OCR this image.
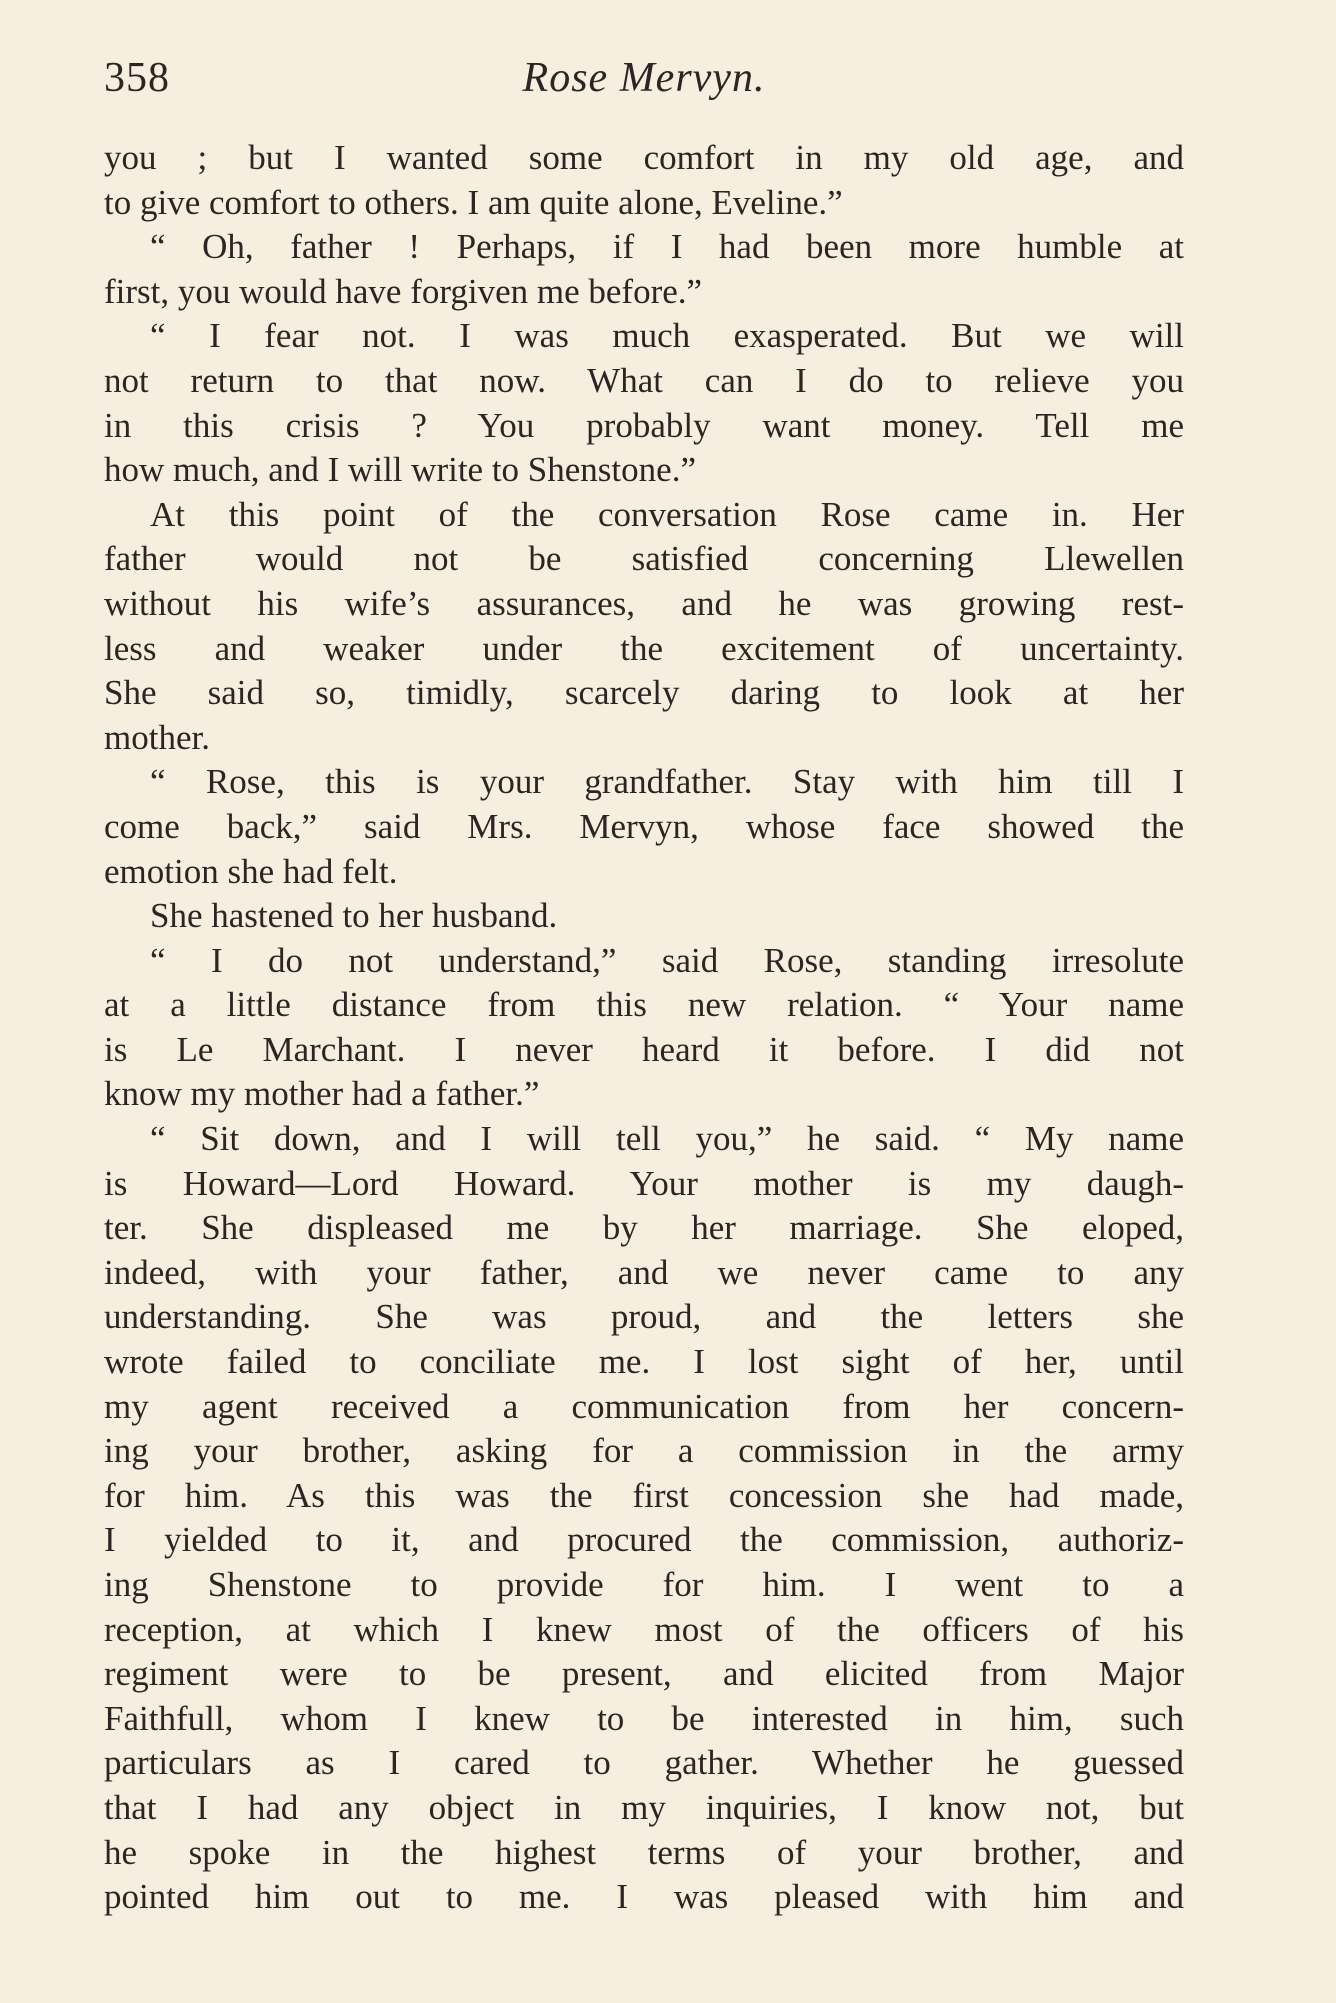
358	Rose Mervyn.
you ; but I wanted some comfort in my old age, and
to give comfort to others. I am quite alone, Eveline.”
“ Oh, father ! Perhaps, if I had been more humble at
first, you would have forgiven me before.”
“ I fear not. I was much exasperated. But we will
not return to that now. What can I do to relieve you
in this crisis ? You probably want money. Tell me
how much, and I will write to Shenstone.”
At this point of the conversation Rose came in. Her
father would not be satisfied concerning Llewellen
without his wife’s assurances, and he was growing rest-
less and weaker under the excitement of uncertainty.
She said so, timidly, scarcely daring to look at her
mother.
“ Rose, this is your grandfather. Stay with him till I
come back,” said Mrs. Mervyn, whose face showed the
emotion she had felt.
She hastened to her husband.
“ I do not understand,” said Rose, standing irresolute
at a little distance from this new relation. “ Your name
is Le Marchant. I never heard it before. I did not
know my mother had a father.”
“ Sit down, and I will tell you,” he said. “ My name
is Howard—Lord Howard. Your mother is my daugh-
ter. She displeased me by her marriage. She eloped,
indeed, with your father, and we never came to any
understanding. She was proud, and the letters she
wrote failed to conciliate me. I lost sight of her, until
my agent received a communication from her concern-
ing your brother, asking for a commission in the army
for him. As this was the first concession she had made,
I yielded to it, and procured the commission, authoriz-
ing Shenstone to provide for him. I went to a
reception, at which I knew most of the officers of his
regiment were to be present, and elicited from Major
Faithfull, whom I knew to be interested in him, such
particulars as I cared to gather. Whether he guessed
that I had any object in my inquiries, I know not, but
he spoke in the highest terms of your brother, and
pointed him out to me. I was pleased with him and
